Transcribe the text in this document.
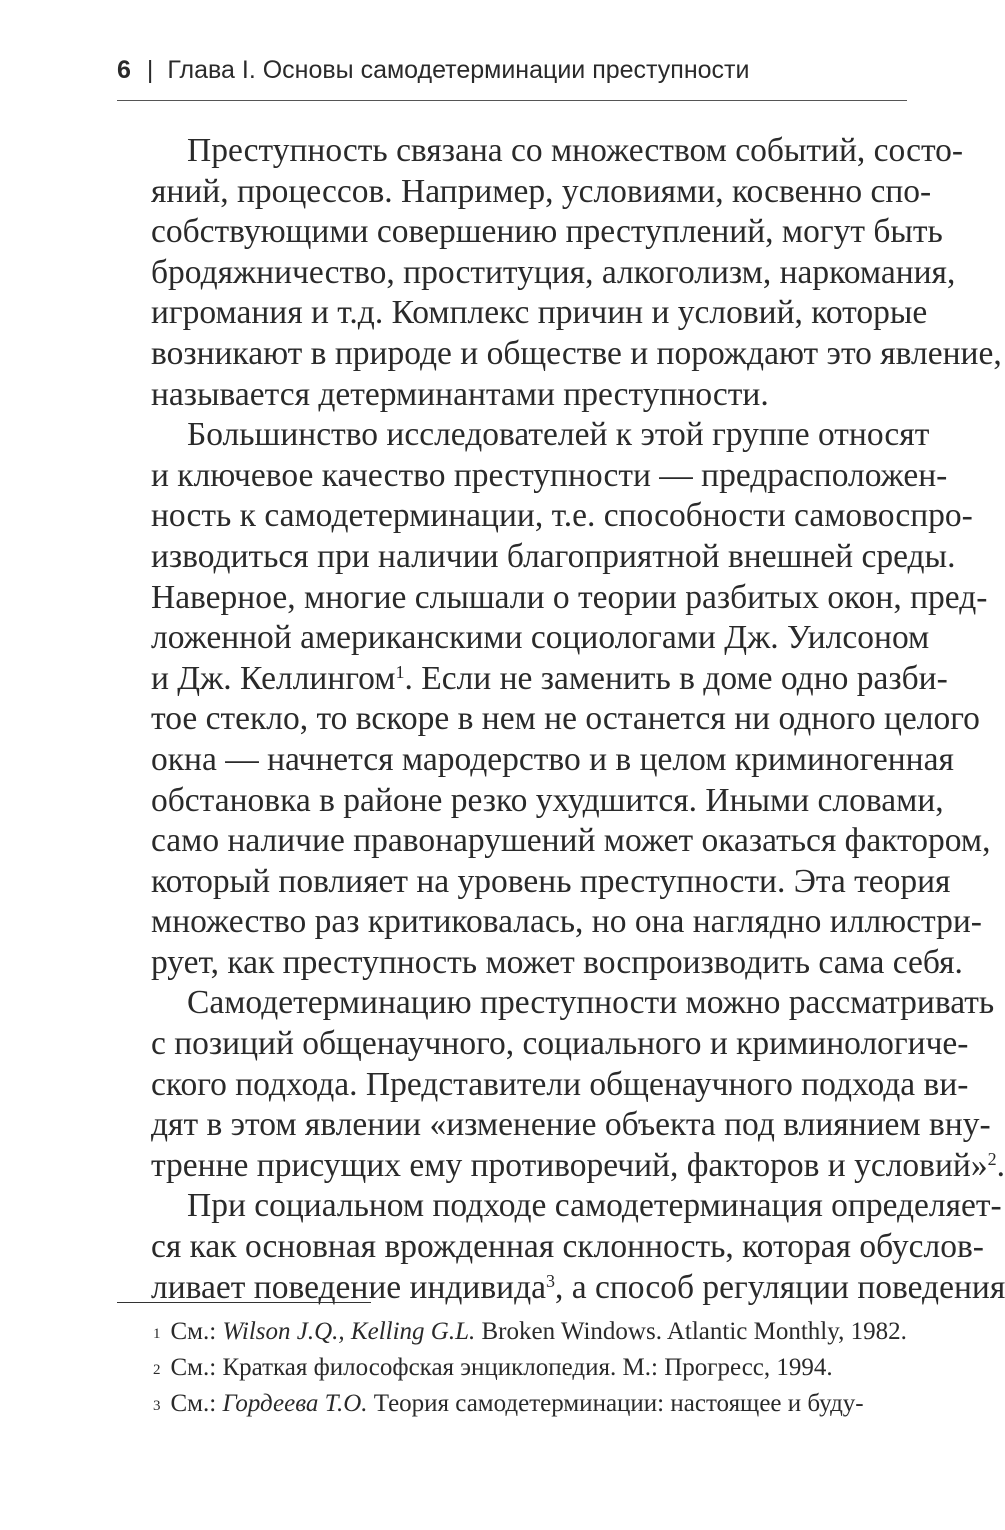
6 | Глава I. Основы самодетерминации преступности
Преступность связана со множеством событий, состо-
яний, процессов. Например, условиями, косвенно спо-
собствующими совершению преступлений, могут быть
бродяжничество, проституция, алкоголизм, наркомания,
игромания и т.д. Комплекс причин и условий, которые
возникают в природе и обществе и порождают это явление,
называется детерминантами преступности.
Большинство исследователей к этой группе относят
и ключевое качество преступности — предрасположен-
ность к самодетерминации, т.е. способности самовоспро-
изводиться при наличии благоприятной внешней среды.
Наверное, многие слышали о теории разбитых окон, пред-
ложенной американскими социологами Дж. Уилсоном
и Дж. Келлингом$^1$. Если не заменить в доме одно разби-
тое стекло, то вскоре в нем не останется ни одного целого
окна — начнется мародерство и в целом криминогенная
обстановка в районе резко ухудшится. Иными словами,
само наличие правонарушений может оказаться фактором,
который повлияет на уровень преступности. Эта теория
множество раз критиковалась, но она наглядно иллюстри-
рует, как преступность может воспроизводить сама себя.
Самодетерминацию преступности можно рассматривать
с позиций общенаучного, социального и криминологиче-
ского подхода. Представители общенаучного подхода ви-
дят в этом явлении «изменение объекта под влиянием вну-
тренне присущих ему противоречий, факторов и условий»$^2$.
При социальном подходе самодетерминация определяет-
ся как основная врожденная склонность, которая обуслов-
ливает поведение индивида$^3$, а способ регуляции поведения
$^1$ См.: Wilson J.Q., Kelling G.L. Broken Windows. Atlantic Monthly, 1982.
$^2$ См.: Краткая философская энциклопедия. М.: Прогресс, 1994.
$^3$ См.: Гордеева Т.О. Теория самодетерминации: настоящее и буду-
